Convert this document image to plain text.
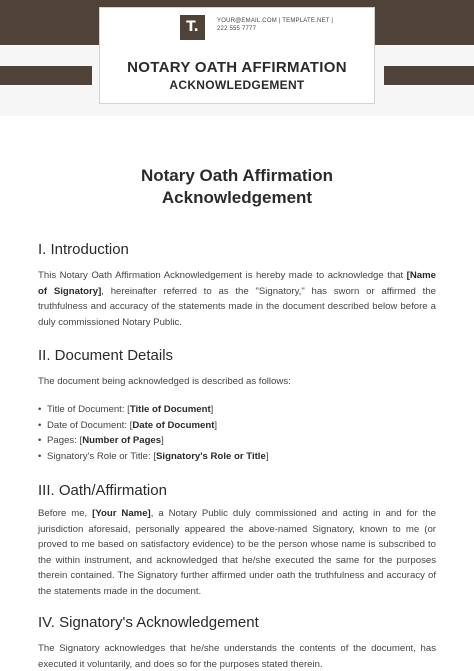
T.	YOUR@EMAIL.COM | TEMPLATE.NET |
222 555 7777
NOTARY OATH AFFIRMATION
ACKNOWLEDGEMENT
Notary Oath Affirmation
Acknowledgement
I. Introduction

This Notary Oath Affirmation Acknowledgement is hereby made to acknowledge that [Name of Signatory], hereinafter referred to as the "Signatory," has sworn or affirmed the truthfulness and accuracy of the statements made in the document described below before a duly commissioned Notary Public.

II. Document Details

The document being acknowledged is described as follows:

• Title of Document: [Title of Document]
• Date of Document: [Date of Document]
• Pages: [Number of Pages]
• Signatory's Role or Title: [Signatory's Role or Title]
III. Oath/Affirmation

Before me, [Your Name], a Notary Public duly commissioned and acting in and for the jurisdiction aforesaid, personally appeared the above-named Signatory, known to me (or proved to me based on satisfactory evidence) to be the person whose name is subscribed to the within instrument, and acknowledged that he/she executed the same for the purposes therein contained. The Signatory further affirmed under oath the truthfulness and accuracy of the statements made in the document.

IV. Signatory's Acknowledgement

The Signatory acknowledges that he/she understands the contents of the document, has executed it voluntarily, and does so for the purposes stated therein.
